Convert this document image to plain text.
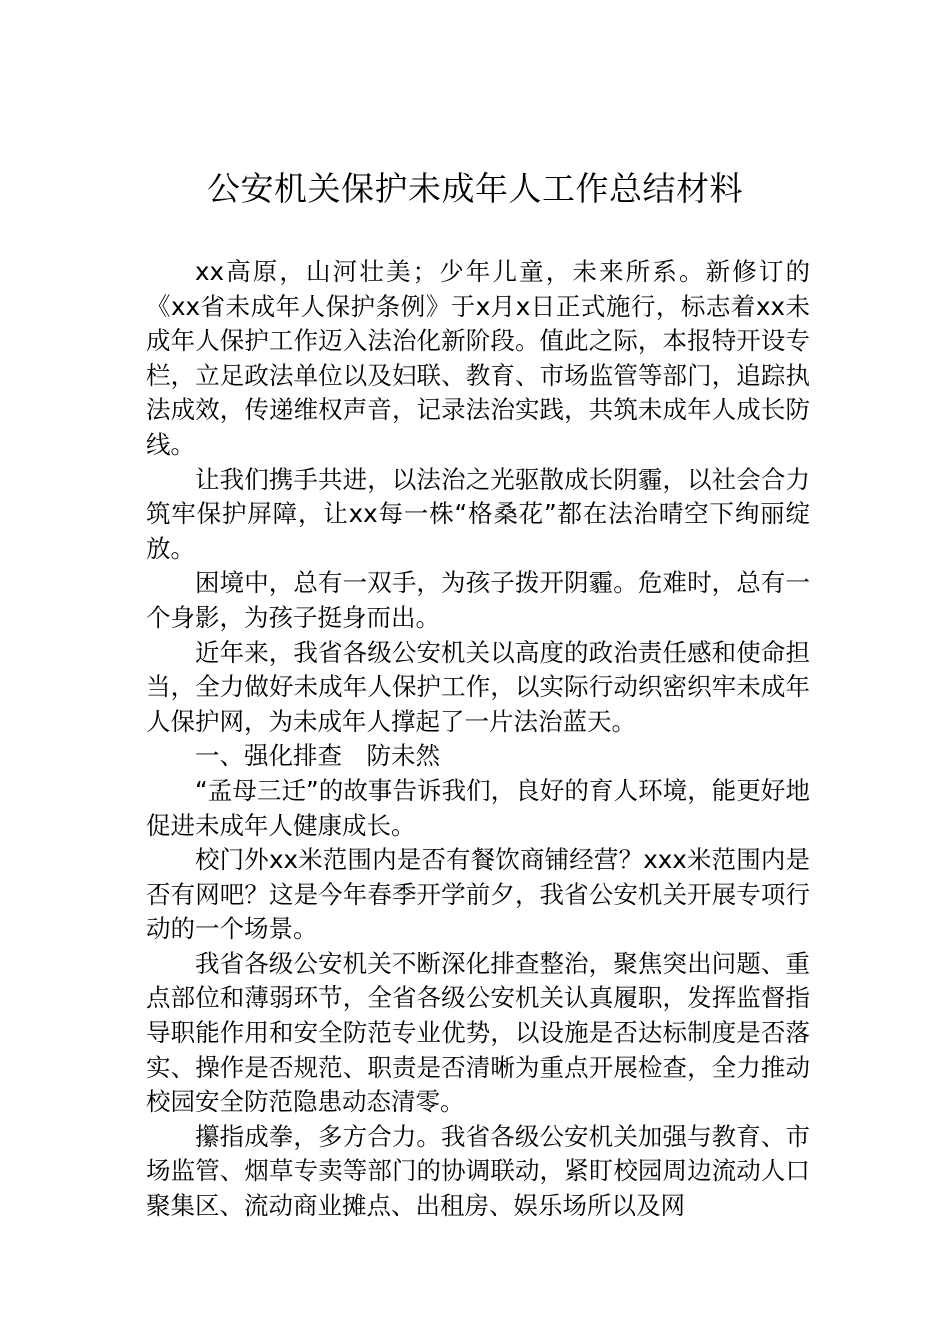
公安机关保护未成年人工作总结材料

xx高原，山河壮美；少年儿童，未来所系。新修订的《xx省未成年人保护条例》于x月x日正式施行，标志着xx未成年人保护工作迈入法治化新阶段。值此之际，本报特开设专栏，立足政法单位以及妇联、教育、市场监管等部门，追踪执法成效，传递维权声音，记录法治实践，共筑未成年人成长防线。

让我们携手共进，以法治之光驱散成长阴霾，以社会合力筑牢保护屏障，让xx每一株“格桑花”都在法治晴空下绚丽绽放。

困境中，总有一双手，为孩子拨开阴霾。危难时，总有一个身影，为孩子挺身而出。

近年来，我省各级公安机关以高度的政治责任感和使命担当，全力做好未成年人保护工作，以实际行动织密织牢未成年人保护网，为未成年人撑起了一片法治蓝天。

一、强化排查　防未然

“孟母三迁”的故事告诉我们，良好的育人环境，能更好地促进未成年人健康成长。

校门外xx米范围内是否有餐饮商铺经营？xxx米范围内是否有网吧？这是今年春季开学前夕，我省公安机关开展专项行动的一个场景。

我省各级公安机关不断深化排查整治，聚焦突出问题、重点部位和薄弱环节，全省各级公安机关认真履职，发挥监督指导职能作用和安全防范专业优势，以设施是否达标制度是否落实、操作是否规范、职责是否清晰为重点开展检查，全力推动校园安全防范隐患动态清零。

攥指成拳，多方合力。我省各级公安机关加强与教育、市场监管、烟草专卖等部门的协调联动，紧盯校园周边流动人口聚集区、流动商业摊点、出租房、娱乐场所以及网
